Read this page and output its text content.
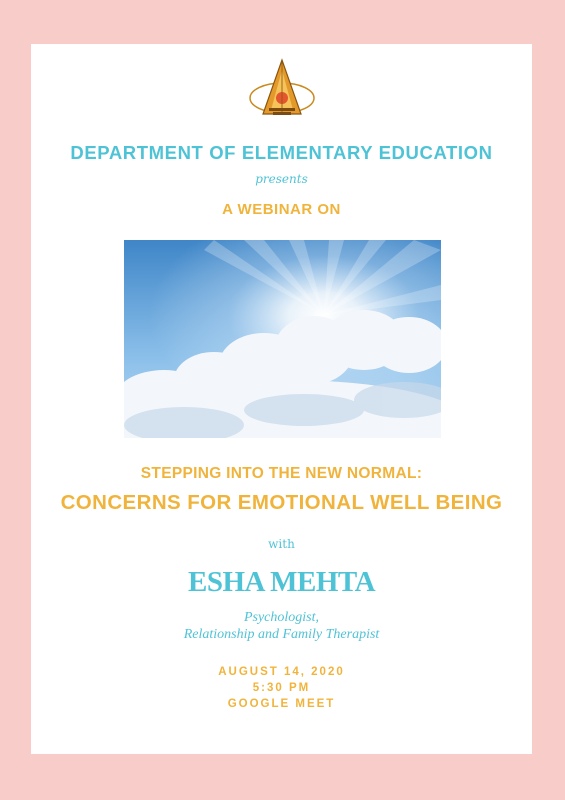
DEPARTMENT OF ELEMENTARY EDUCATION
presents
A WEBINAR ON
STEPPING INTO THE NEW NORMAL:
CONCERNS FOR EMOTIONAL WELL BEING
with
ESHA MEHTA
Psychologist,
Relationship and Family Therapist
AUGUST 14, 2020
5:30 PM
GOOGLE MEET
